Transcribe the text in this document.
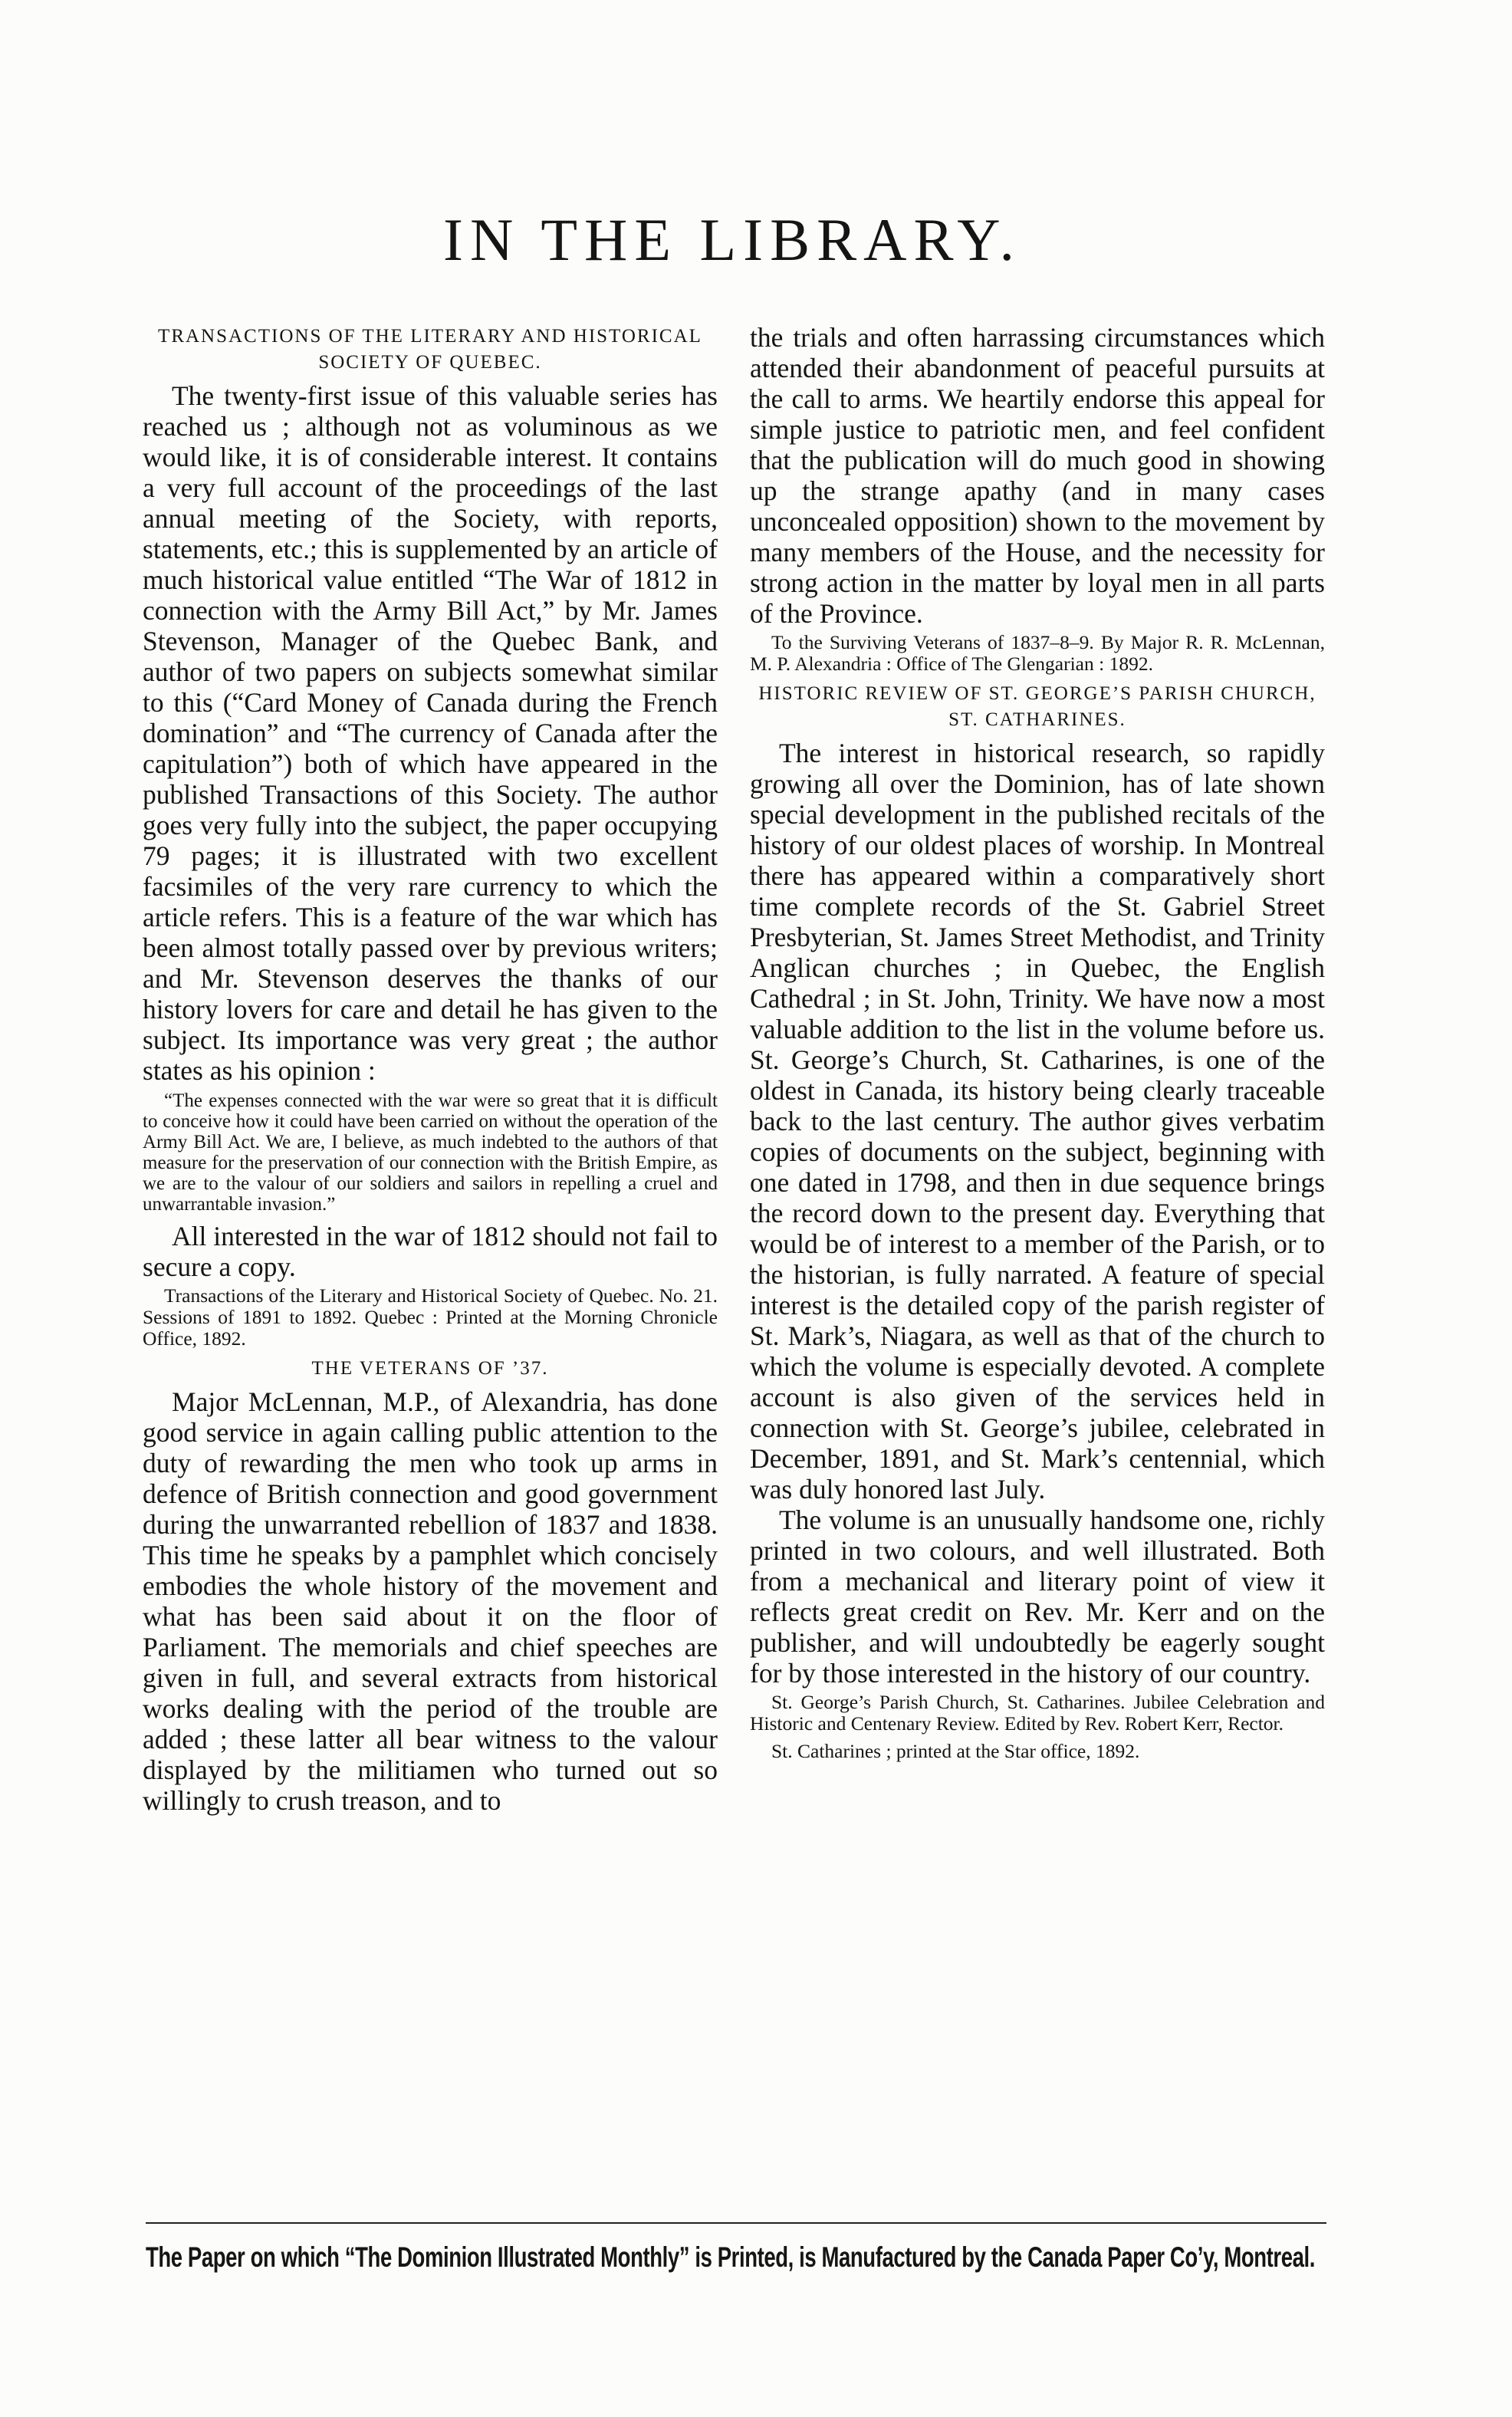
IN THE LIBRARY.
TRANSACTIONS OF THE LITERARY AND HISTORICAL SOCIETY OF QUEBEC.

The twenty-first issue of this valuable series has reached us ; although not as voluminous as we would like, it is of considerable interest. It contains a very full account of the proceedings of the last annual meeting of the Society, with reports, statements, etc.; this is supplemented by an article of much historical value entitled “The War of 1812 in connection with the Army Bill Act,” by Mr. James Stevenson, Manager of the Quebec Bank, and author of two papers on subjects somewhat similar to this (“Card Money of Canada during the French domination” and “The currency of Canada after the capitulation”) both of which have appeared in the published Transactions of this Society. The author goes very fully into the subject, the paper occupying 79 pages; it is illustrated with two excellent facsimiles of the very rare currency to which the article refers. This is a feature of the war which has been almost totally passed over by previous writers; and Mr. Stevenson deserves the thanks of our history lovers for care and detail he has given to the subject. Its importance was very great ; the author states as his opinion :

“The expenses connected with the war were so great that it is difficult to conceive how it could have been carried on without the operation of the Army Bill Act. We are, I believe, as much indebted to the authors of that measure for the preservation of our connection with the British Empire, as we are to the valour of our soldiers and sailors in repelling a cruel and unwarrantable invasion.”

All interested in the war of 1812 should not fail to secure a copy.

Transactions of the Literary and Historical Society of Quebec. No. 21. Sessions of 1891 to 1892. Quebec : Printed at the Morning Chronicle Office, 1892.
THE VETERANS OF ’37.

Major McLennan, M.P., of Alexandria, has done good service in again calling public attention to the duty of rewarding the men who took up arms in defence of British connection and good government during the unwarranted rebellion of 1837 and 1838. This time he speaks by a pamphlet which concisely embodies the whole history of the movement and what has been said about it on the floor of Parliament. The memorials and chief speeches are given in full, and several extracts from historical works dealing with the period of the trouble are added ; these latter all bear witness to the valour displayed by the militiamen who turned out so willingly to crush treason, and to

the trials and often harrassing circumstances which attended their abandonment of peaceful pursuits at the call to arms. We heartily endorse this appeal for simple justice to patriotic men, and feel confident that the publication will do much good in showing up the strange apathy (and in many cases unconcealed opposition) shown to the movement by many members of the House, and the necessity for strong action in the matter by loyal men in all parts of the Province.

To the Surviving Veterans of 1837–8–9. By Major R. R. McLennan, M. P. Alexandria : Office of The Glengarian : 1892.
HISTORIC REVIEW OF ST. GEORGE’S PARISH CHURCH, ST. CATHARINES.

The interest in historical research, so rapidly growing all over the Dominion, has of late shown special development in the published recitals of the history of our oldest places of worship. In Montreal there has appeared within a comparatively short time complete records of the St. Gabriel Street Presbyterian, St. James Street Methodist, and Trinity Anglican churches ; in Quebec, the English Cathedral ; in St. John, Trinity. We have now a most valuable addition to the list in the volume before us. St. George’s Church, St. Catharines, is one of the oldest in Canada, its history being clearly traceable back to the last century. The author gives verbatim copies of documents on the subject, beginning with one dated in 1798, and then in due sequence brings the record down to the present day. Everything that would be of interest to a member of the Parish, or to the historian, is fully narrated. A feature of special interest is the detailed copy of the parish register of St. Mark’s, Niagara, as well as that of the church to which the volume is especially devoted. A complete account is also given of the services held in connection with St. George’s jubilee, celebrated in December, 1891, and St. Mark’s centennial, which was duly honored last July.

The volume is an unusually handsome one, richly printed in two colours, and well illustrated. Both from a mechanical and literary point of view it reflects great credit on Rev. Mr. Kerr and on the publisher, and will undoubtedly be eagerly sought for by those interested in the history of our country.

St. George’s Parish Church, St. Catharines. Jubilee Celebration and Historic and Centenary Review. Edited by Rev. Robert Kerr, Rector.
St. Catharines ; printed at the Star office, 1892.
The Paper on which “The Dominion Illustrated Monthly” is Printed, is Manufactured by the Canada Paper Co’y, Montreal.
